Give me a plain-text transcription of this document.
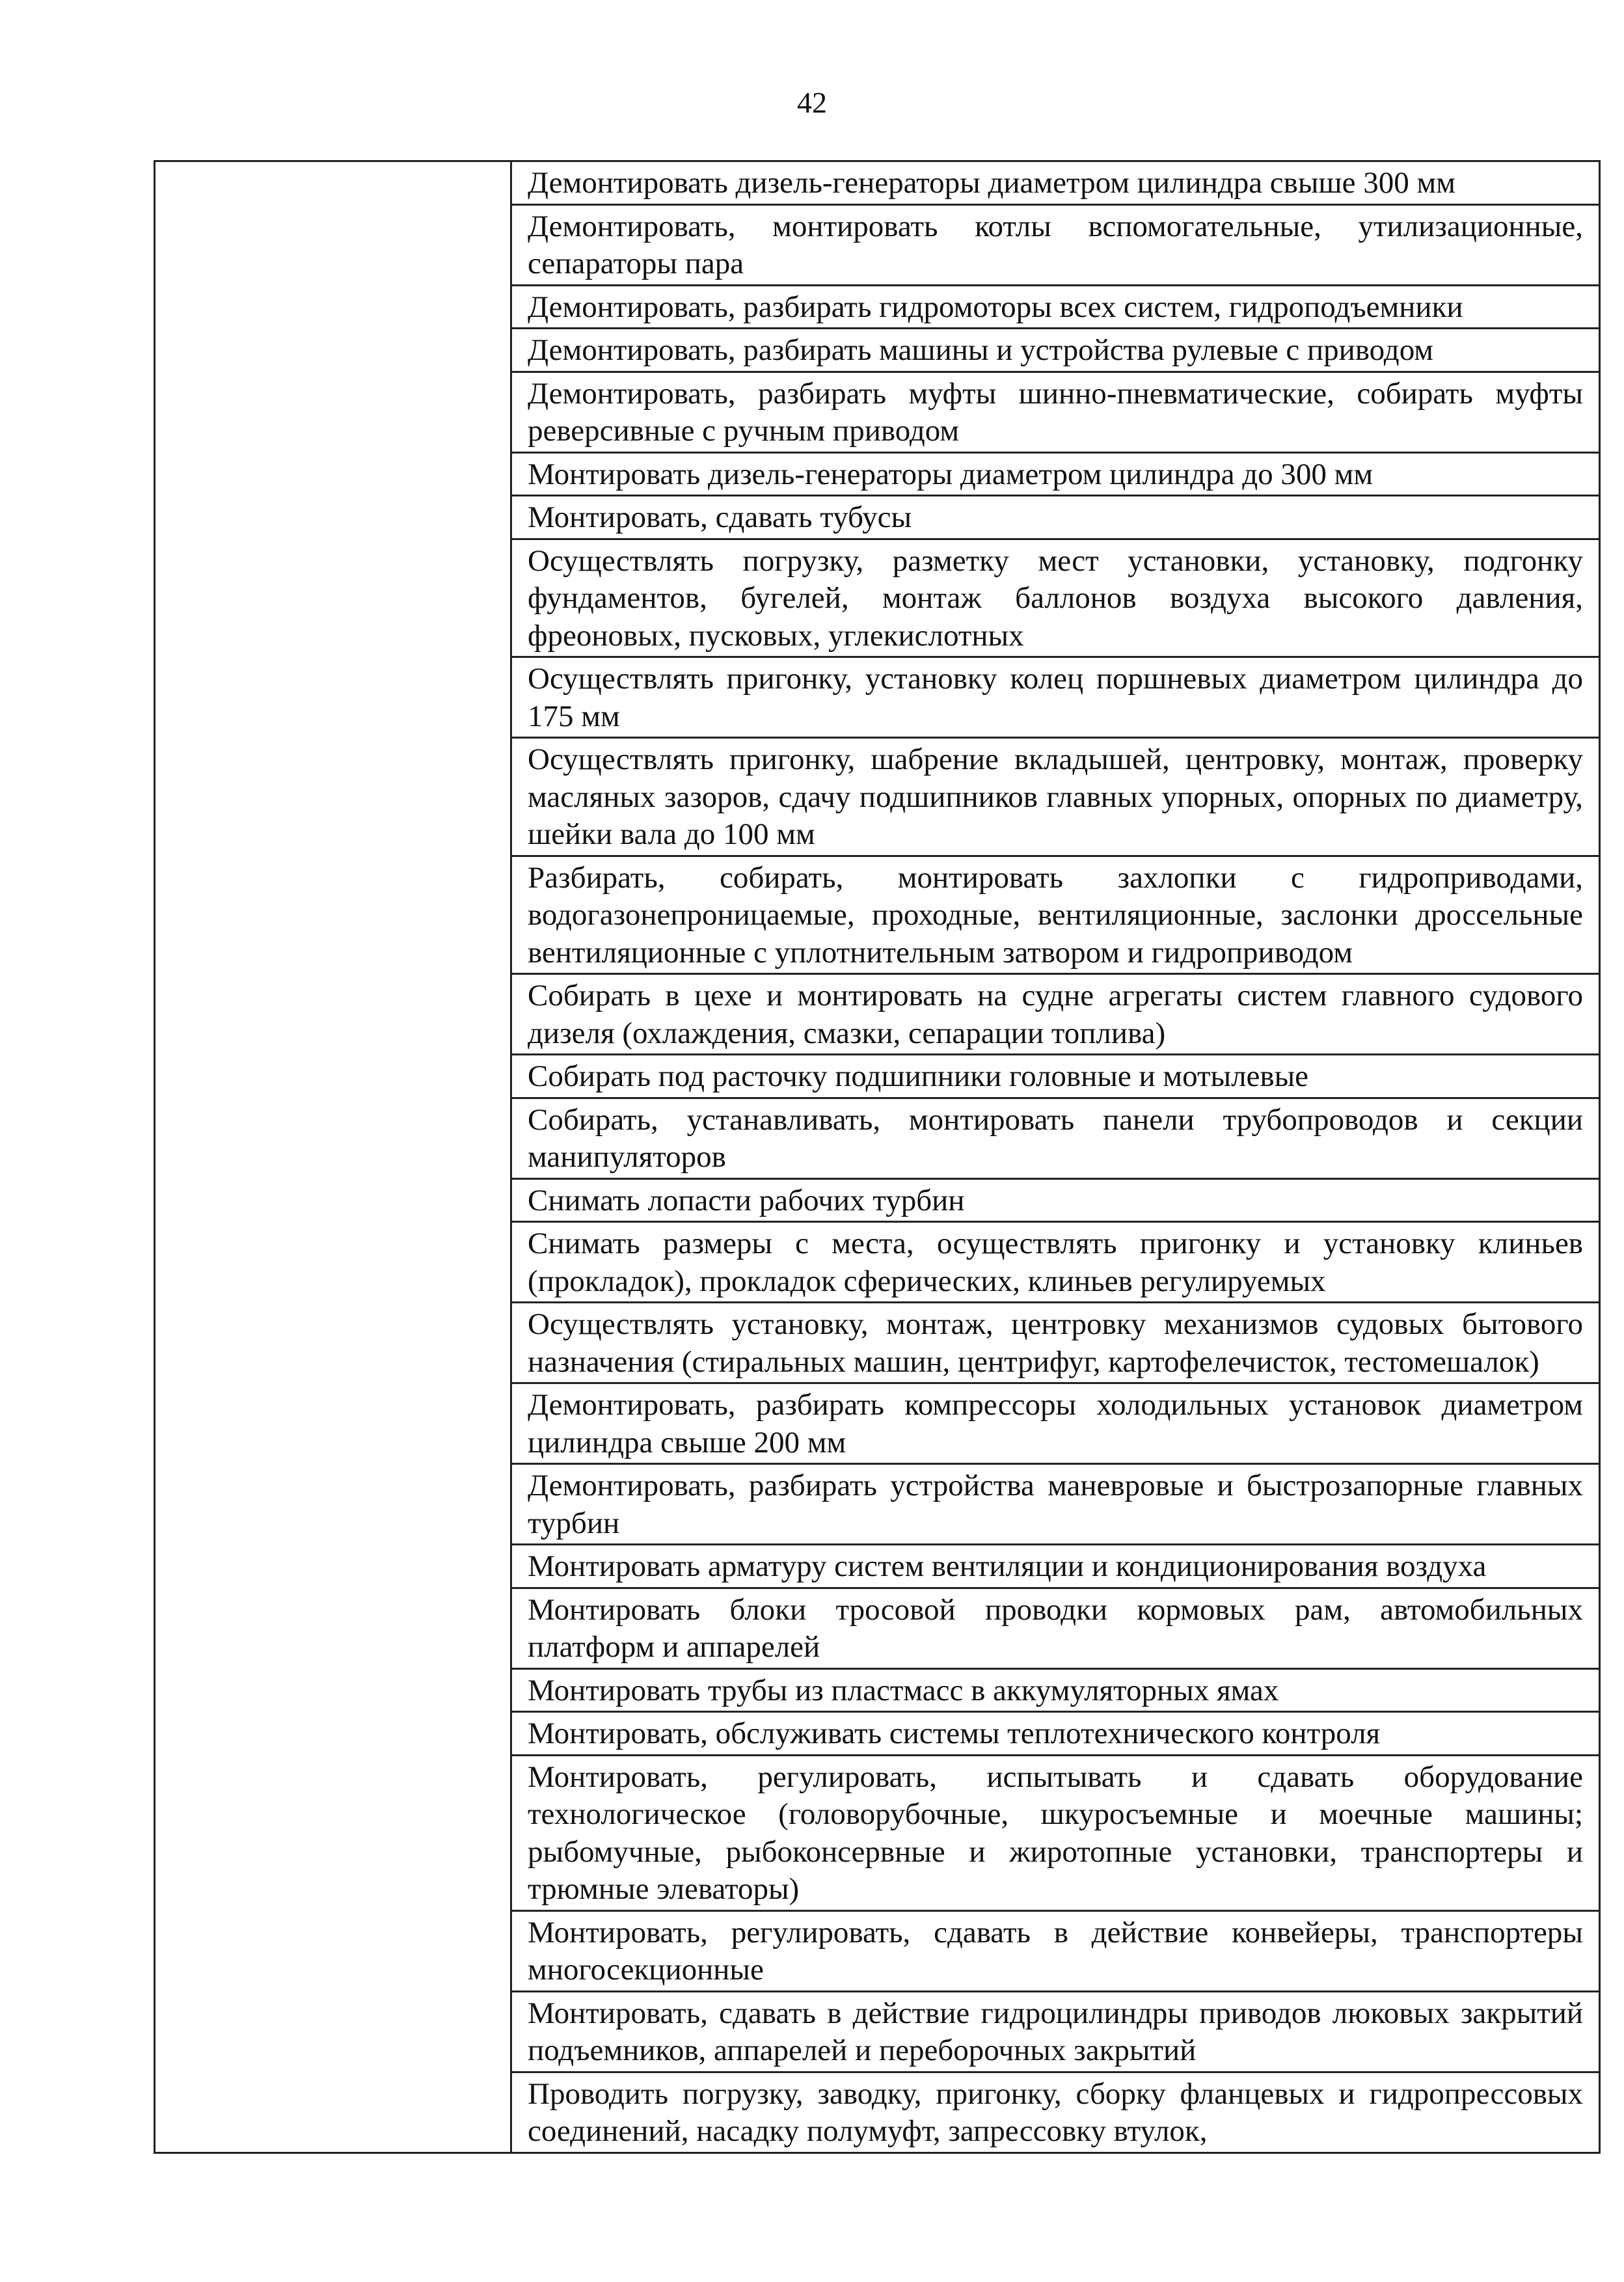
42

Демонтировать дизель-генераторы диаметром цилиндра свыше 300 мм

Демонтировать, монтировать котлы вспомогательные, утилизационные, сепараторы пара

Демонтировать, разбирать гидромоторы всех систем, гидроподъемники

Демонтировать, разбирать машины и устройства рулевые с приводом

Демонтировать, разбирать муфты шинно-пневматические, собирать муфты реверсивные с ручным приводом

Монтировать дизель-генераторы диаметром цилиндра до 300 мм

Монтировать, сдавать тубусы

Осуществлять погрузку, разметку мест установки, установку, подгонку фундаментов, бугелей, монтаж баллонов воздуха высокого давления, фреоновых, пусковых, углекислотных

Осуществлять пригонку, установку колец поршневых диаметром цилиндра до 175 мм

Осуществлять пригонку, шабрение вкладышей, центровку, монтаж, проверку масляных зазоров, сдачу подшипников главных упорных, опорных по диаметру, шейки вала до 100 мм

Разбирать, собирать, монтировать захлопки с гидроприводами, водогазонепроницаемые, проходные, вентиляционные, заслонки дроссельные вентиляционные с уплотнительным затвором и гидроприводом

Собирать в цехе и монтировать на судне агрегаты систем главного судового дизеля (охлаждения, смазки, сепарации топлива)

Собирать под расточку подшипники головные и мотылевые

Собирать, устанавливать, монтировать панели трубопроводов и секции манипуляторов

Снимать лопасти рабочих турбин

Снимать размеры с места, осуществлять пригонку и установку клиньев (прокладок), прокладок сферических, клиньев регулируемых

Осуществлять установку, монтаж, центровку механизмов судовых бытового назначения (стиральных машин, центрифуг, картофелечисток, тестомешалок)

Демонтировать, разбирать компрессоры холодильных установок диаметром цилиндра свыше 200 мм

Демонтировать, разбирать устройства маневровые и быстрозапорные главных турбин

Монтировать арматуру систем вентиляции и кондиционирования воздуха

Монтировать блоки тросовой проводки кормовых рам, автомобильных платформ и аппарелей

Монтировать трубы из пластмасс в аккумуляторных ямах

Монтировать, обслуживать системы теплотехнического контроля

Монтировать, регулировать, испытывать и сдавать оборудование технологическое (головорубочные, шкуросъемные и моечные машины; рыбомучные, рыбоконсервные и жиротопные установки, транспортеры и трюмные элеваторы)

Монтировать, регулировать, сдавать в действие конвейеры, транспортеры многосекционные

Монтировать, сдавать в действие гидроцилиндры приводов люковых закрытий подъемников, аппарелей и переборочных закрытий

Проводить погрузку, заводку, пригонку, сборку фланцевых и гидропрессовых соединений, насадку полумуфт, запрессовку втулок,
